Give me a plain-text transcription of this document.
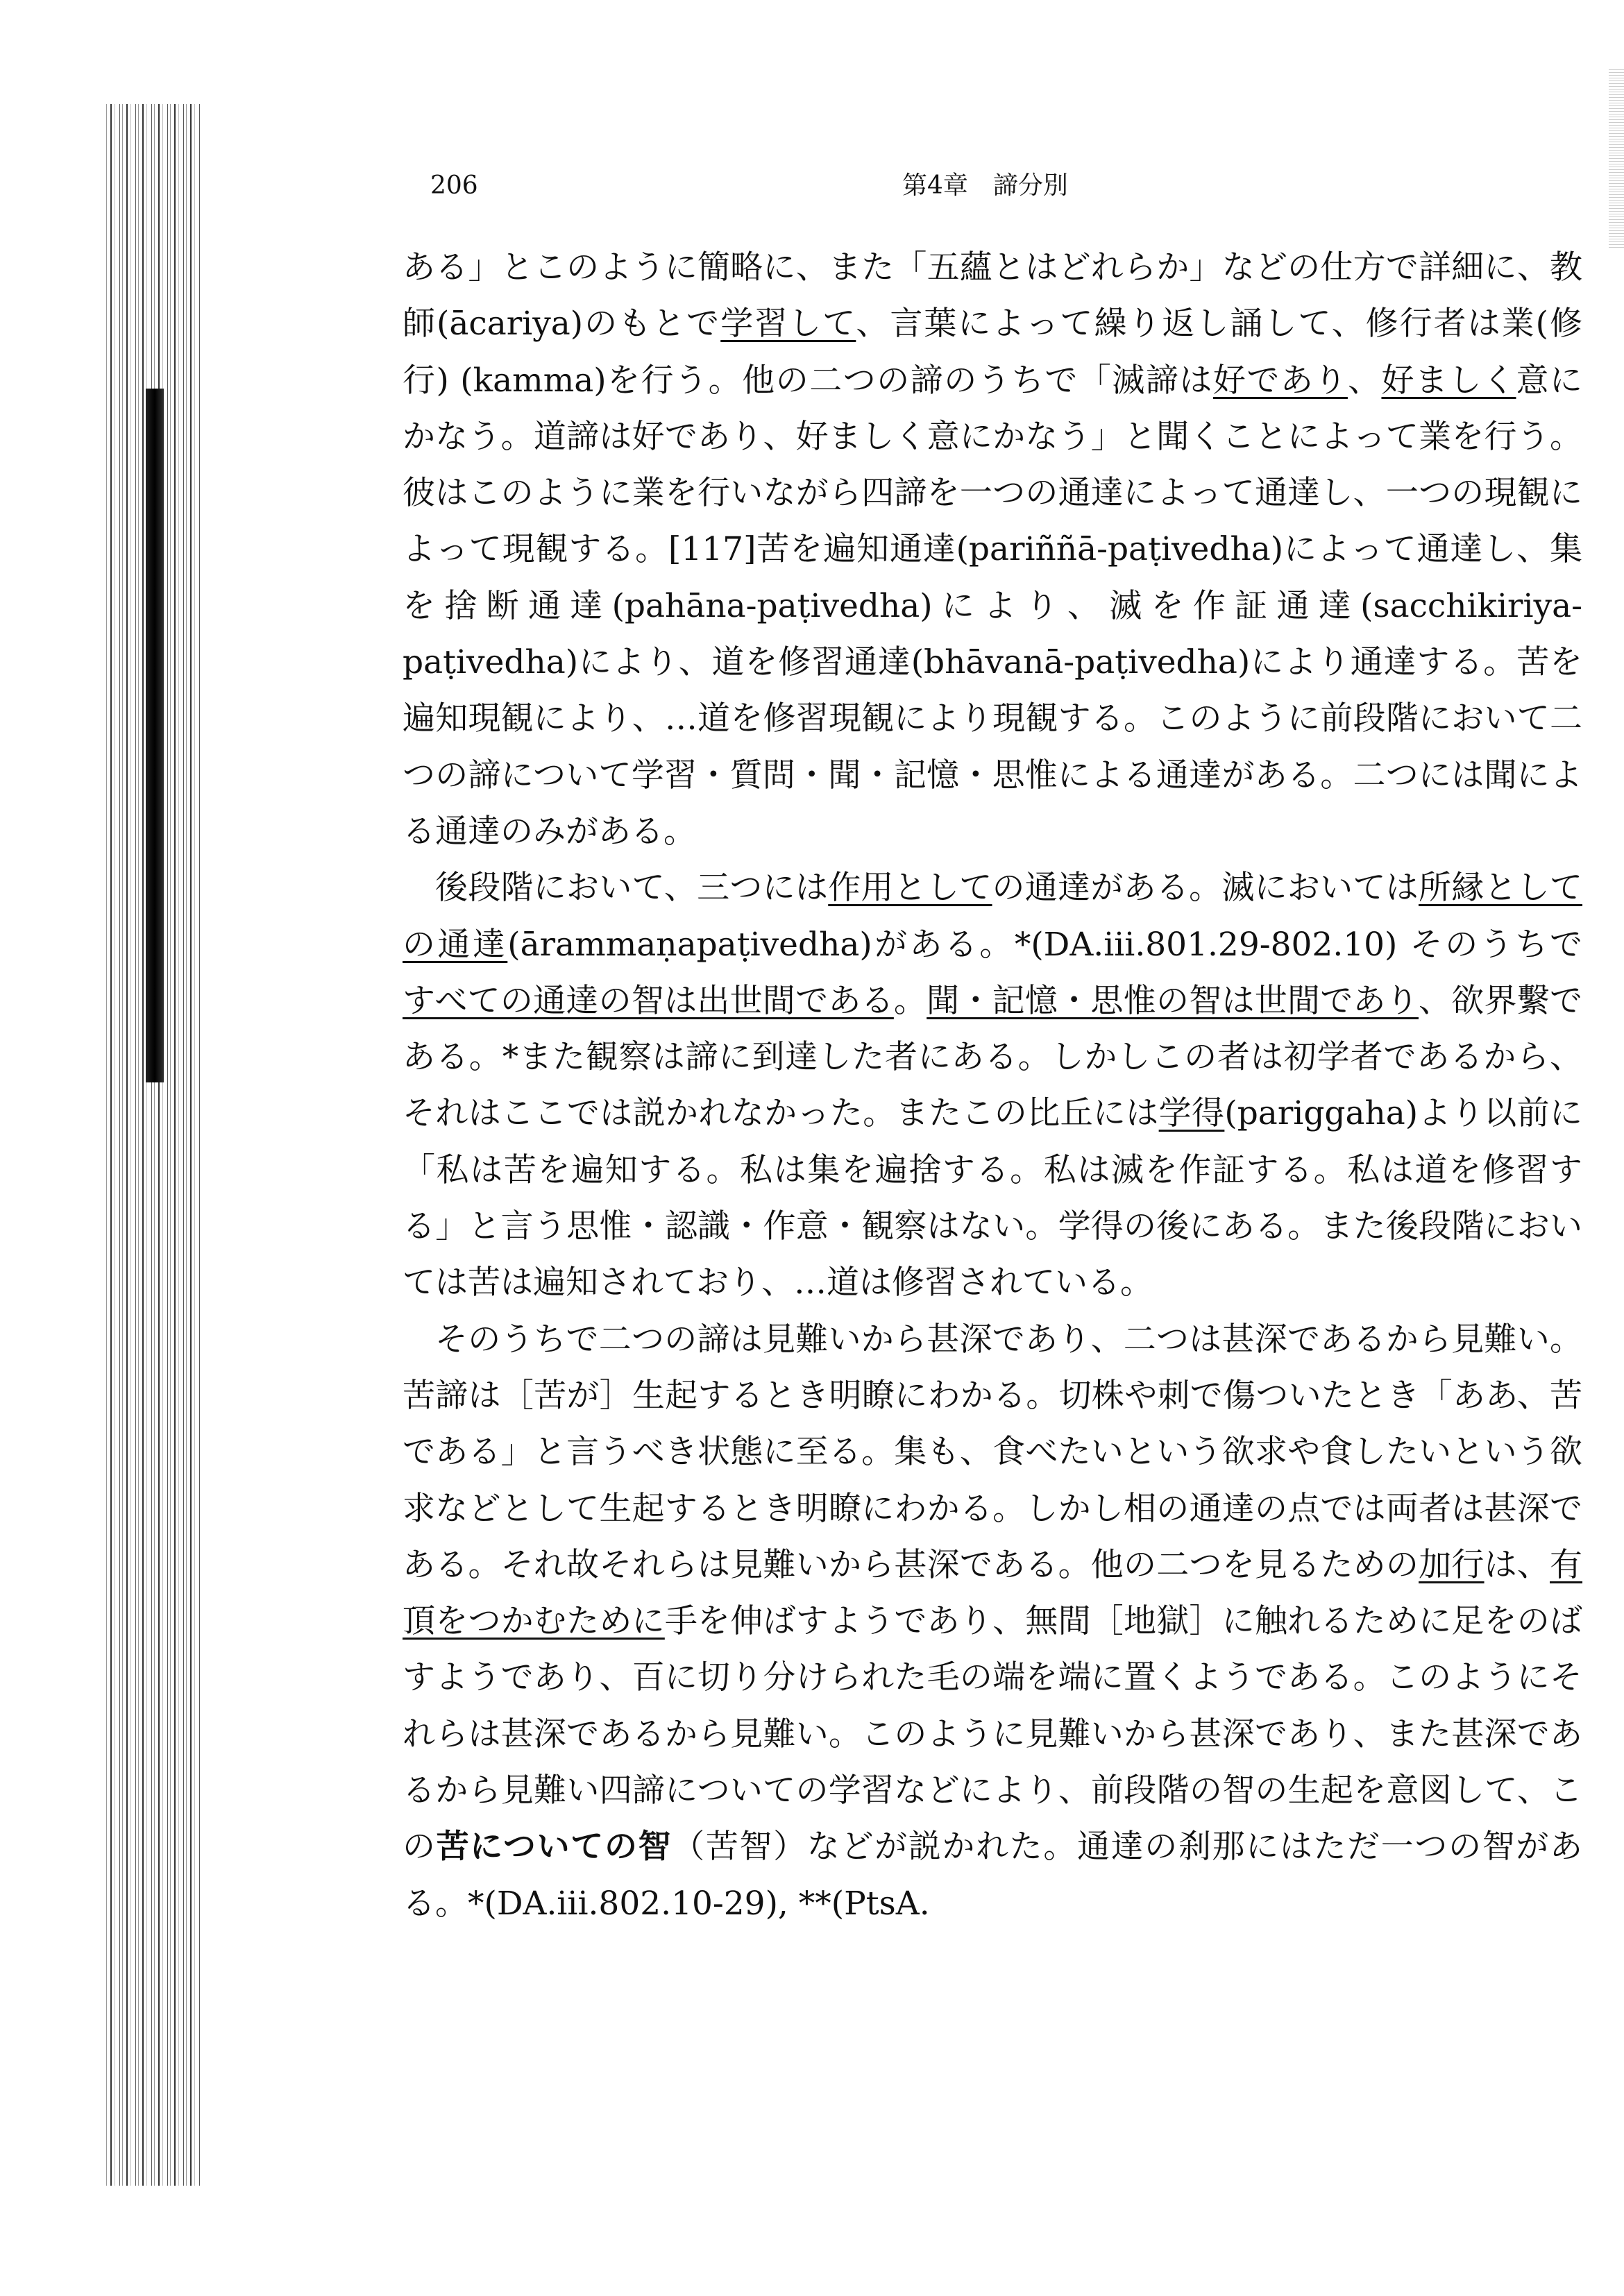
206	第4章　諦分別

ある」とこのように簡略に、また「五蘊とはどれらか」などの仕方で詳細に、教師(ācariya)のもとで学習して、言葉によって繰り返し誦して、修行者は業(修行) (kamma)を行う。他の二つの諦のうちで「滅諦は好であり、好ましく意にかなう。道諦は好であり、好ましく意にかなう」と聞くことによって業を行う。彼はこのように業を行いながら四諦を一つの通達によって通達し、一つの現観によって現観する。[117]苦を遍知通達(pariññā-paṭivedha)によって通達し、集を捨断通達(pahāna-paṭivedha)により、滅を作証通達(sacchikiriya-paṭivedha)により、道を修習通達(bhāvanā-paṭivedha)により通達する。苦を遍知現観により、…道を修習現観により現観する。このように前段階において二つの諦について学習・質問・聞・記憶・思惟による通達がある。二つには聞による通達のみがある。

後段階において、三つには作用としての通達がある。滅においては所縁としての通達(ārammaṇapaṭivedha)がある。*(DA.iii.801.29-802.10) そのうちですべての通達の智は出世間である。聞・記憶・思惟の智は世間であり、欲界繫である。*また観察は諦に到達した者にある。しかしこの者は初学者であるから、それはここでは説かれなかった。またこの比丘には学得(pariggaha)より以前に「私は苦を遍知する。私は集を遍捨する。私は滅を作証する。私は道を修習する」と言う思惟・認識・作意・観察はない。学得の後にある。また後段階においては苦は遍知されており、…道は修習されている。

そのうちで二つの諦は見難いから甚深であり、二つは甚深であるから見難い。苦諦は［苦が］生起するとき明瞭にわかる。切株や刺で傷ついたとき「ああ、苦である」と言うべき状態に至る。集も、食べたいという欲求や食したいという欲求などとして生起するとき明瞭にわかる。しかし相の通達の点では両者は甚深である。それ故それらは見難いから甚深である。他の二つを見るための加行は、有頂をつかむために手を伸ばすようであり、無間［地獄］に触れるために足をのばすようであり、百に切り分けられた毛の端を端に置くようである。このようにそれらは甚深であるから見難い。このように見難いから甚深であり、また甚深であるから見難い四諦についての学習などにより、前段階の智の生起を意図して、この苦についての智（苦智）などが説かれた。通達の刹那にはただ一つの智がある。*(DA.iii.802.10-29), **(PtsA.
